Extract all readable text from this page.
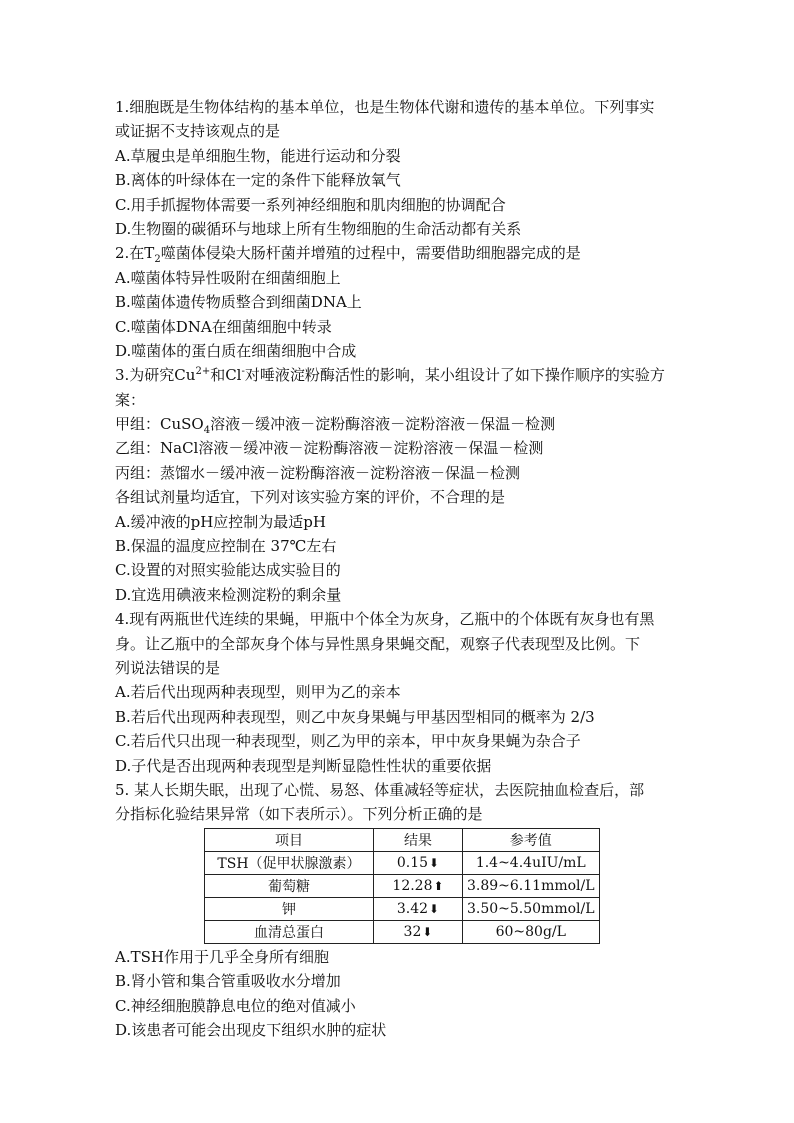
1.细胞既是生物体结构的基本单位，也是生物体代谢和遗传的基本单位。下列事实
或证据不支持该观点的是
A.草履虫是单细胞生物，能进行运动和分裂
B.离体的叶绿体在一定的条件下能释放氧气
C.用手抓握物体需要一系列神经细胞和肌肉细胞的协调配合
D.生物圈的碳循环与地球上所有生物细胞的生命活动都有关系
2.在$T_2$噬菌体侵染大肠杆菌并增殖的过程中，需要借助细胞器完成的是
A.噬菌体特异性吸附在细菌细胞上
B.噬菌体遗传物质整合到细菌DNA上
C.噬菌体DNA在细菌细胞中转录
D.噬菌体的蛋白质在细菌细胞中合成
3.为研究$Cu^{2+}$和Cl-对唾液淀粉酶活性的影响，某小组设计了如下操作顺序的实验方
案：
甲组：CuSO$_4$溶液－缓冲液－淀粉酶溶液－淀粉溶液－保温－检测
乙组：NaCl溶液－缓冲液－淀粉酶溶液－淀粉溶液－保温－检测
丙组：蒸馏水－缓冲液－淀粉酶溶液－淀粉溶液－保温－检测
各组试剂量均适宜，下列对该实验方案的评价，不合理的是
A.缓冲液的pH应控制为最适pH
B.保温的温度应控制在 37℃左右
C.设置的对照实验能达成实验目的
D.宜选用碘液来检测淀粉的剩余量
4.现有两瓶世代连续的果蝇，甲瓶中个体全为灰身，乙瓶中的个体既有灰身也有黑
身。让乙瓶中的全部灰身个体与异性黑身果蝇交配，观察子代表现型及比例。下
列说法错误的是
A.若后代出现两种表现型，则甲为乙的亲本
B.若后代出现两种表现型，则乙中灰身果蝇与甲基因型相同的概率为 2/3
C.若后代只出现一种表现型，则乙为甲的亲本，甲中灰身果蝇为杂合子
D.子代是否出现两种表现型是判断显隐性性状的重要依据
5. 某人长期失眠，出现了心慌、易怒、体重减轻等症状，去医院抽血检查后，部
分指标化验结果异常（如下表所示）。下列分析正确的是
项目	结果	参考值
TSH（促甲状腺激素）	0.15⬇	1.4~4.4uIU/mL
葡萄糖	12.28⬆	3.89~6.11mmol/L
钾	3.42⬇	3.50~5.50mmol/L
血清总蛋白	32⬇	60~80g/L
A.TSH作用于几乎全身所有细胞
B.肾小管和集合管重吸收水分增加
C.神经细胞膜静息电位的绝对值减小
D.该患者可能会出现皮下组织水肿的症状
